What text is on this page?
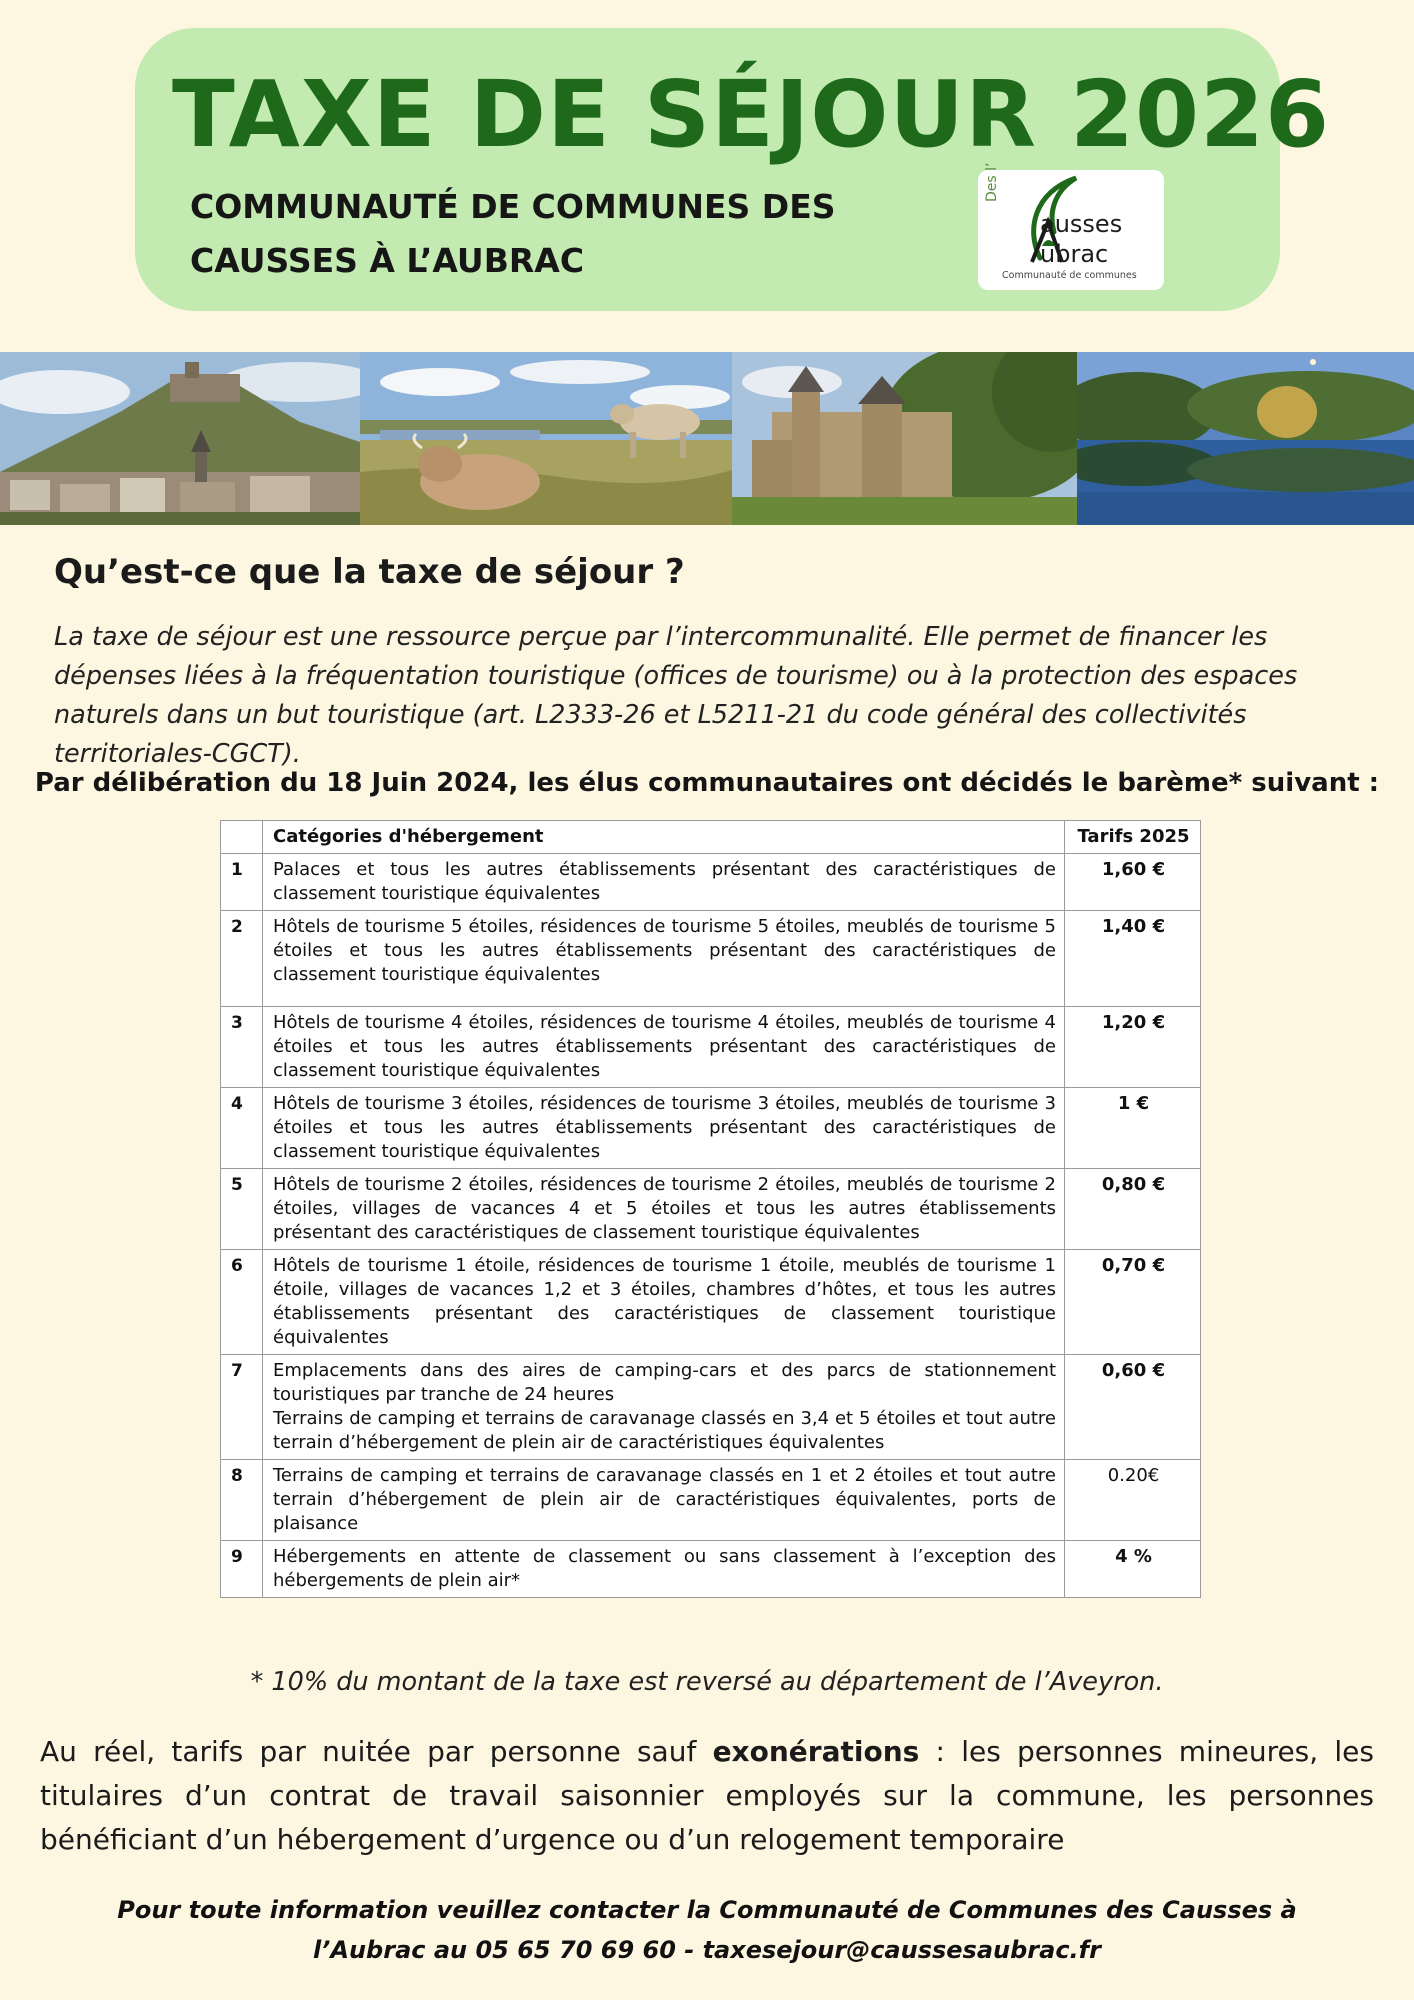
TAXE DE SÉJOUR 2026
COMMUNAUTÉ DE COMMUNES DES
CAUSSES À L’AUBRAC
Des l’
ausses
ubrac
Communauté de communes
Qu’est-ce que la taxe de séjour ?
La taxe de séjour est une ressource perçue par l’intercommunalité. Elle permet de financer les dépenses liées à la fréquentation touristique (offices de tourisme) ou à la protection des espaces naturels dans un but touristique (art. L2333-26 et L5211-21 du code général des collectivités territoriales-CGCT).
Par délibération du 18 Juin 2024, les élus communautaires ont décidés le barème* suivant :
	Catégories d'hébergement	Tarifs 2025
1	Palaces et tous les autres établissements présentant des caractéristiques de classement touristique équivalentes	1,60 €
2	Hôtels de tourisme 5 étoiles, résidences de tourisme 5 étoiles, meublés de tourisme 5 étoiles et tous les autres établissements présentant des caractéristiques de classement touristique équivalentes	1,40 €
3	Hôtels de tourisme 4 étoiles, résidences de tourisme 4 étoiles, meublés de tourisme 4 étoiles et tous les autres établissements présentant des caractéristiques de classement touristique équivalentes	1,20 €
4	Hôtels de tourisme 3 étoiles, résidences de tourisme 3 étoiles, meublés de tourisme 3 étoiles et tous les autres établissements présentant des caractéristiques de classement touristique équivalentes	1 €
5	Hôtels de tourisme 2 étoiles, résidences de tourisme 2 étoiles, meublés de tourisme 2 étoiles, villages de vacances 4 et 5 étoiles et tous les autres établissements présentant des caractéristiques de classement touristique équivalentes	0,80 €
6	Hôtels de tourisme 1 étoile, résidences de tourisme 1 étoile, meublés de tourisme 1 étoile, villages de vacances 1,2 et 3 étoiles, chambres d’hôtes, et tous les autres établissements présentant des caractéristiques de classement touristique équivalentes	0,70 €
7	Emplacements dans des aires de camping-cars et des parcs de stationnement touristiques par tranche de 24 heures
Terrains de camping et terrains de caravanage classés en 3,4 et 5 étoiles et tout autre terrain d’hébergement de plein air de caractéristiques équivalentes	0,60 €
8	Terrains de camping et terrains de caravanage classés en 1 et 2 étoiles et tout autre terrain d’hébergement de plein air de caractéristiques équivalentes, ports de plaisance	0.20€
9	Hébergements en attente de classement ou sans classement à l’exception des hébergements de plein air*	4 %
* 10% du montant de la taxe est reversé au département de l’Aveyron.
Au réel, tarifs par nuitée par personne sauf exonérations : les personnes mineures, les titulaires d’un contrat de travail saisonnier employés sur la commune, les personnes bénéficiant d’un hébergement d’urgence ou d’un relogement temporaire
Pour toute information veuillez contacter la Communauté de Communes des Causses à
l’Aubrac au 05 65 70 69 60 - taxesejour@caussesaubrac.fr
